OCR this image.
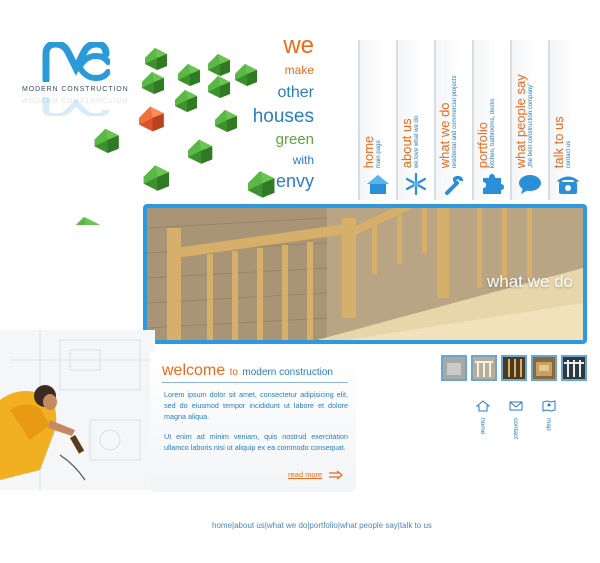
MODERN CONSTRUCTION
MODERN CONSTRUCTION
we
make
other
houses
green
with
envy
home main page about us we love what we do what we do residental and commercial projects portfolio kitchen, bathrooms, decks what people say „the best construction company” talk to us contact us
what we do
welcome to modern construction

Lorem ipsum dolor sit amet, consectetur adipisicing elit, sed do eiusmod tempor incididunt ut labore et dolore magna aliqua.

Ut enim ad minim veniam, quis nostrud exercitation ullamco laboris nisi ut aliquip ex ea commodo consequat.

read more
home	contact	map
home|about us|what we do|portfolio|what people say|talk to us
